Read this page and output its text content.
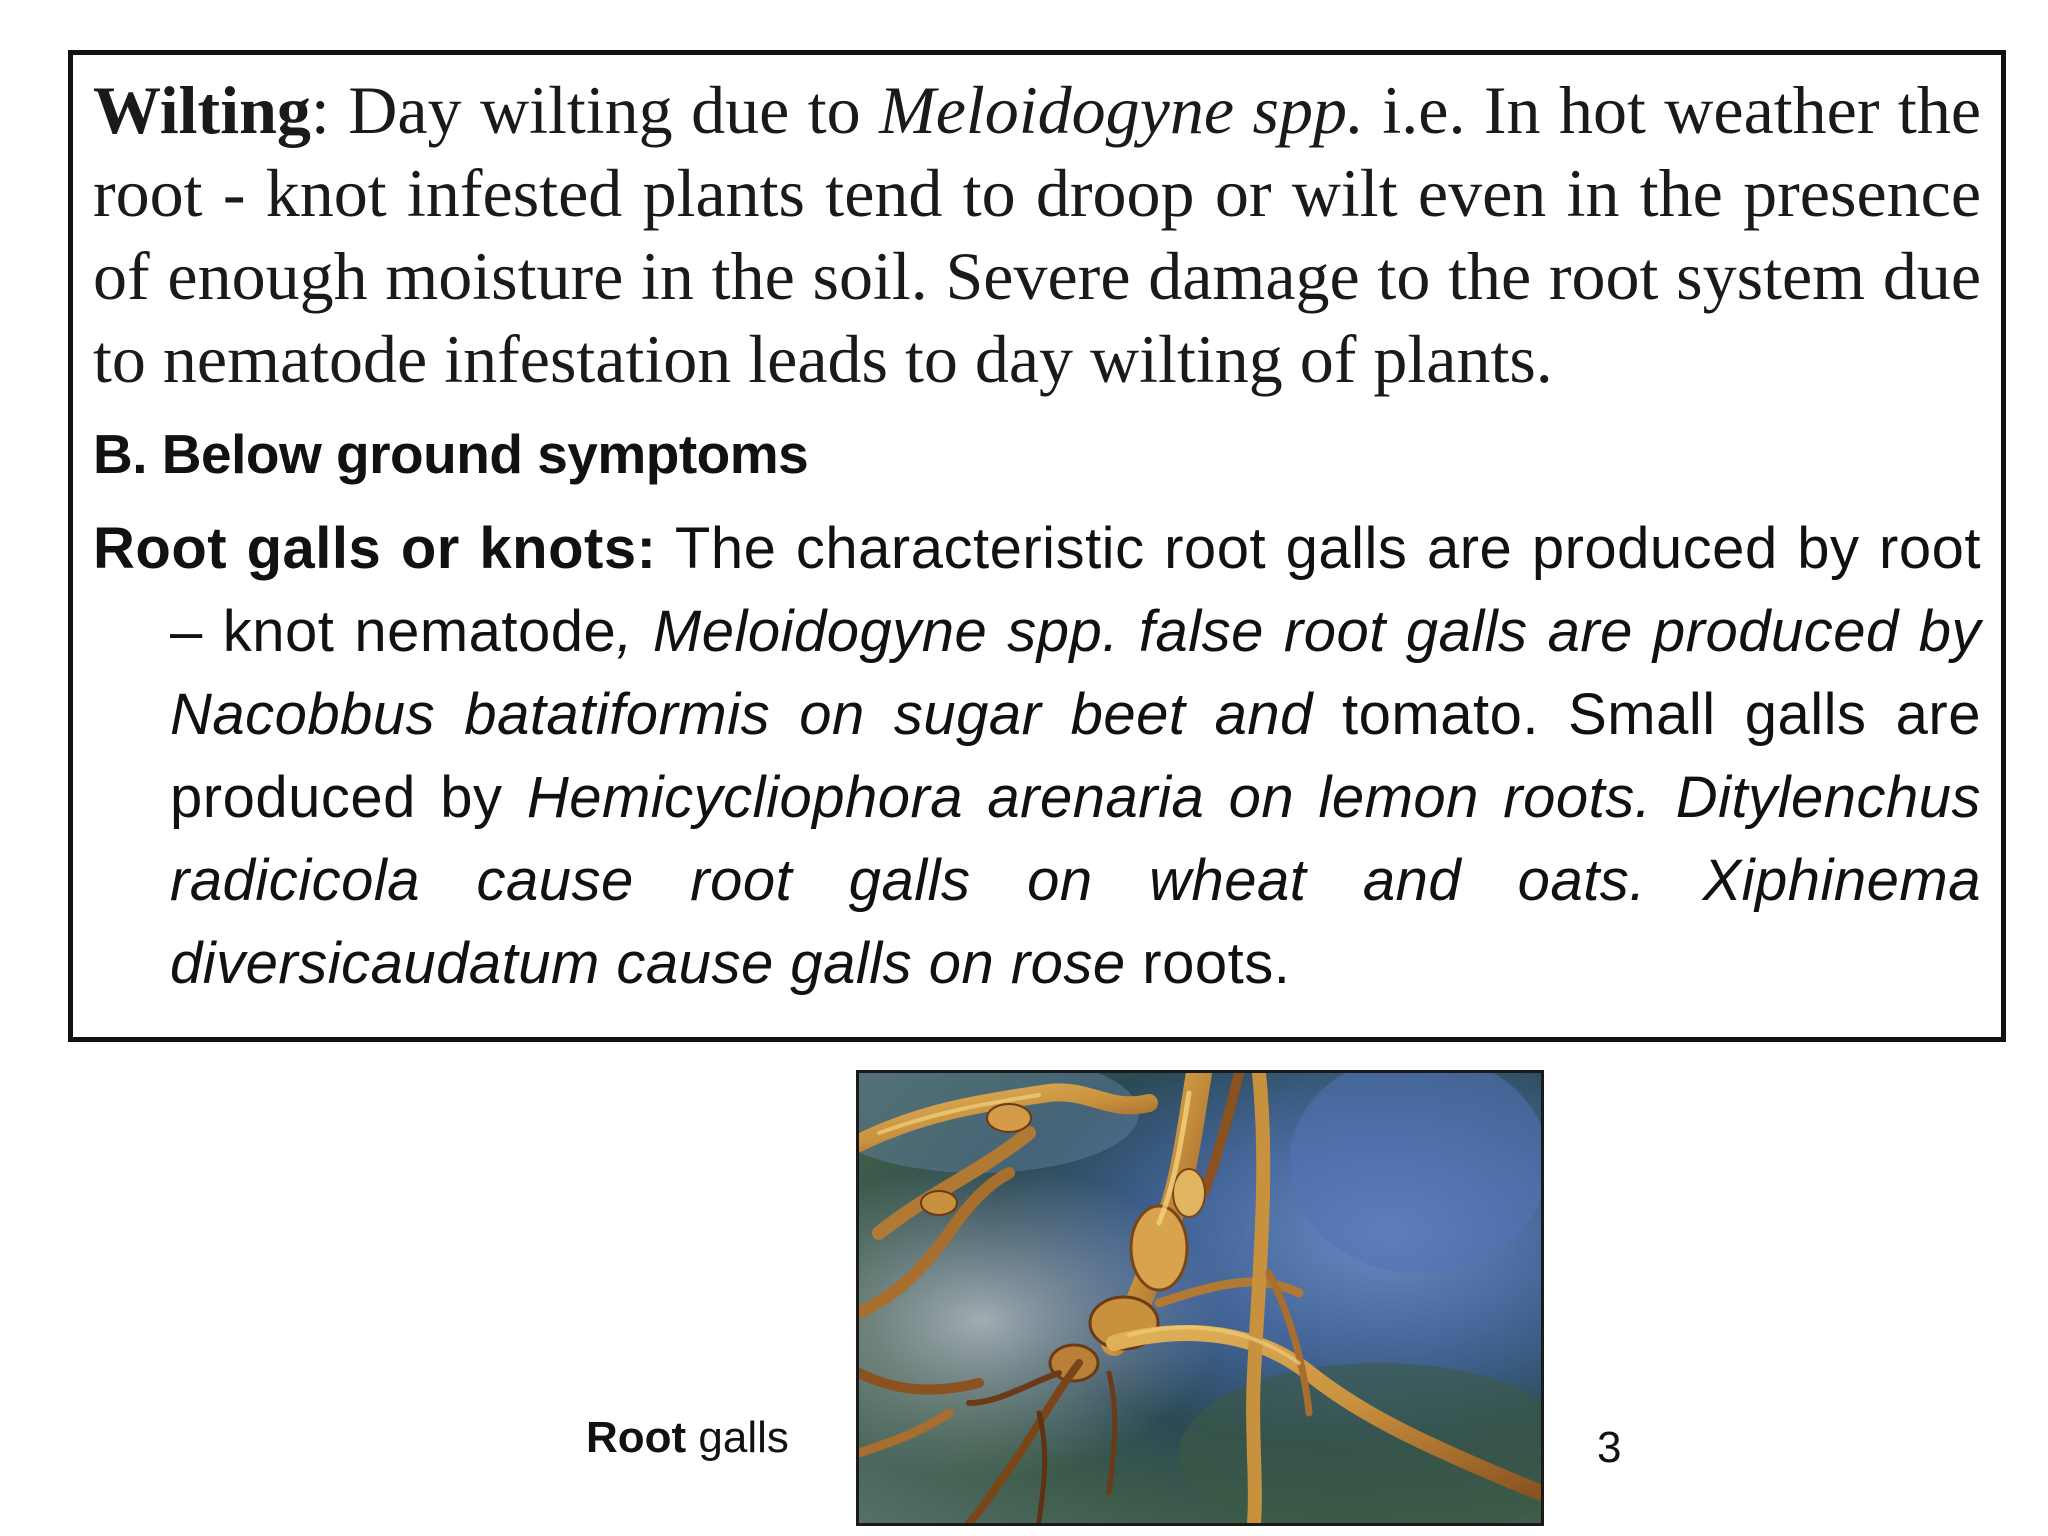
Wilting: Day wilting due to Meloidogyne spp. i.e. In hot weather the root - knot infested plants tend to droop or wilt even in the presence of enough moisture in the soil. Severe damage to the root system due to nematode infestation leads to day wilting of plants.

B. Below ground symptoms

Root galls or knots: The characteristic root galls are produced by root – knot nematode, Meloidogyne spp. false root galls are produced by Nacobbus batatiformis on sugar beet and tomato. Small galls are produced by Hemicycliophora arenaria on lemon roots. Ditylenchus radicicola cause root galls on wheat and oats. Xiphinema diversicaudatum cause galls on rose roots.

Root galls	3
